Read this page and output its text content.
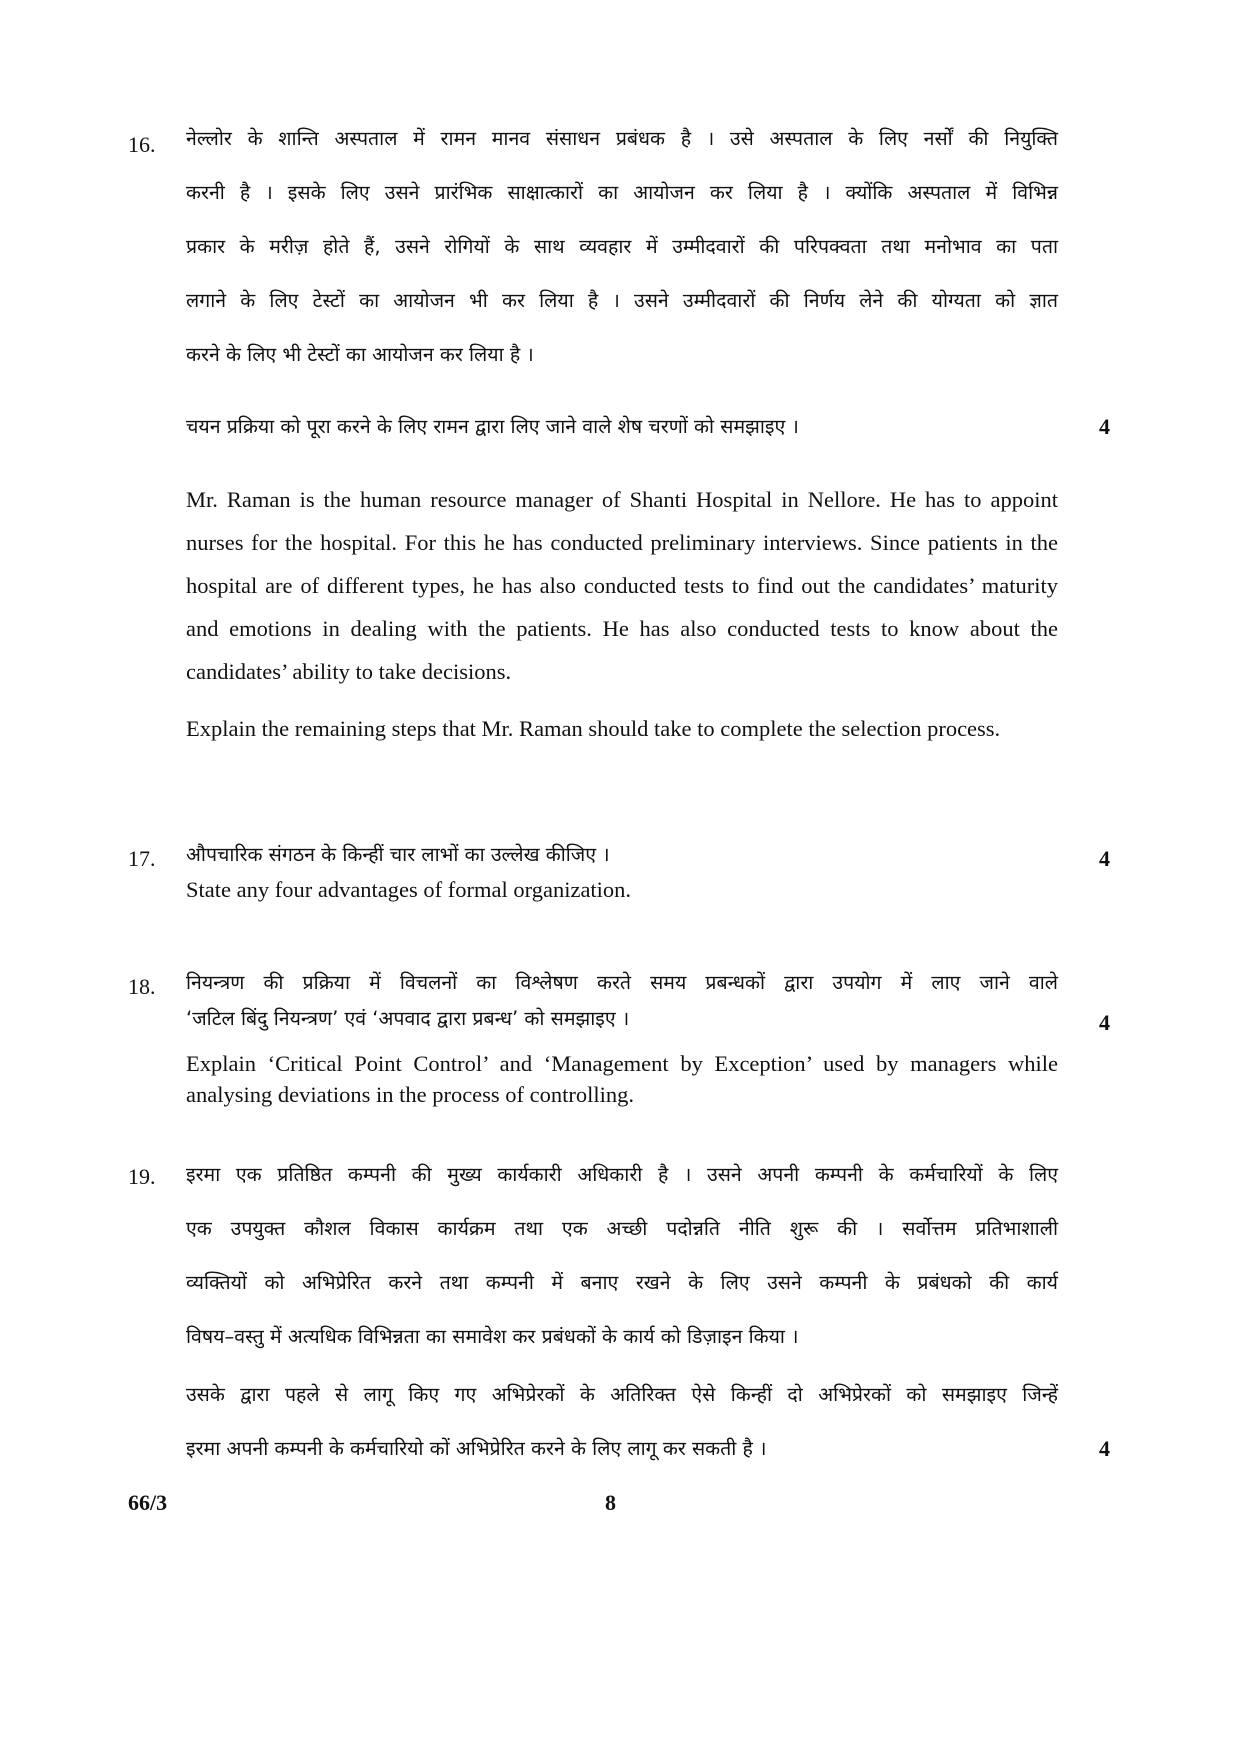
16.	नेल्लोर के शान्ति अस्पताल में रामन मानव संसाधन प्रबंधक है । उसे अस्पताल के लिए नर्सों की नियुक्ति

करनी है । इसके लिए उसने प्रारंभिक साक्षात्कारों का आयोजन कर लिया है । क्योंकि अस्पताल में विभिन्न

प्रकार के मरीज़ होते हैं, उसने रोगियों के साथ व्यवहार में उम्मीदवारों की परिपक्वता तथा मनोभाव का पता

लगाने के लिए टेस्टों का आयोजन भी कर लिया है । उसने उम्मीदवारों की निर्णय लेने की योग्यता को ज्ञात

करने के लिए भी टेस्टों का आयोजन कर लिया है ।

चयन प्रक्रिया को पूरा करने के लिए रामन द्वारा लिए जाने वाले शेष चरणों को समझाइए ।	4

Mr. Raman is the human resource manager of Shanti Hospital in Nellore. He has to appoint nurses for the hospital. For this he has conducted preliminary interviews. Since patients in the hospital are of different types, he has also conducted tests to find out the candidates’ maturity and emotions in dealing with the patients. He has also conducted tests to know about the candidates’ ability to take decisions.

Explain the remaining steps that Mr. Raman should take to complete the selection process.

17.	औपचारिक संगठन के किन्हीं चार लाभों का उल्लेख कीजिए ।

State any four advantages of formal organization.

4
18.	नियन्त्रण की प्रक्रिया में विचलनों का विश्लेषण करते समय प्रबन्धकों द्वारा उपयोग में लाए जाने वाले

‘जटिल बिंदु नियन्त्रण’ एवं ‘अपवाद द्वारा प्रबन्ध’ को समझाइए ।

Explain ‘Critical Point Control’ and ‘Management by Exception’ used by managers while analysing deviations in the process of controlling.

4
19.	इरमा एक प्रतिष्ठित कम्पनी की मुख्य कार्यकारी अधिकारी है । उसने अपनी कम्पनी के कर्मचारियों के लिए

एक उपयुक्त कौशल विकास कार्यक्रम तथा एक अच्छी पदोन्नति नीति शुरू की । सर्वोत्तम प्रतिभाशाली

व्यक्तियों को अभिप्रेरित करने तथा कम्पनी में बनाए रखने के लिए उसने कम्पनी के प्रबंधको की कार्य

विषय–वस्तु में अत्यधिक विभिन्नता का समावेश कर प्रबंधकों के कार्य को डिज़ाइन किया ।

उसके द्वारा पहले से लागू किए गए अभिप्रेरकों के अतिरिक्त ऐसे किन्हीं दो अभिप्रेरकों को समझाइए जिन्हें

इरमा अपनी कम्पनी के कर्मचारियो कों अभिप्रेरित करने के लिए लागू कर सकती है ।	4
66/3	8
